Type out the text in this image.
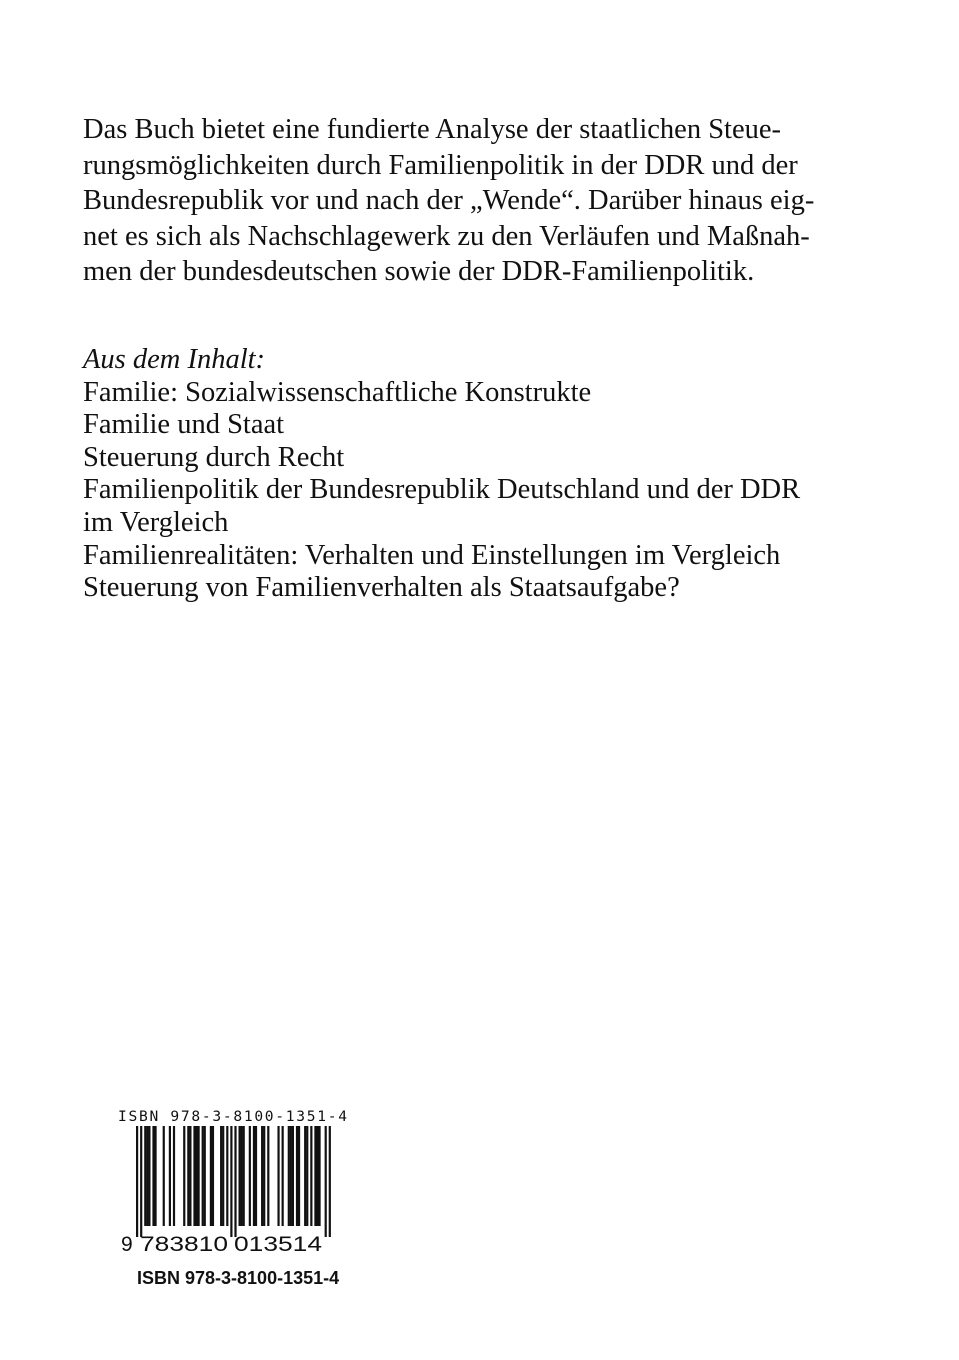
Das Buch bietet eine fundierte Analyse der staatlichen Steue-
rungsmöglichkeiten durch Familienpolitik in der DDR und der
Bundesrepublik vor und nach der „Wende“. Darüber hinaus eig-
net es sich als Nachschlagewerk zu den Verläufen und Maßnah-
men der bundesdeutschen sowie der DDR-Familienpolitik.
Aus dem Inhalt:
Familie: Sozialwissenschaftliche Konstrukte
Familie und Staat
Steuerung durch Recht
Familienpolitik der Bundesrepublik Deutschland und der DDR
im Vergleich
Familienrealitäten: Verhalten und Einstellungen im Vergleich
Steuerung von Familienverhalten als Staatsaufgabe?
ISBN 978-3-8100-1351-4
9 783810 013514
ISBN 978-3-8100-1351-4
